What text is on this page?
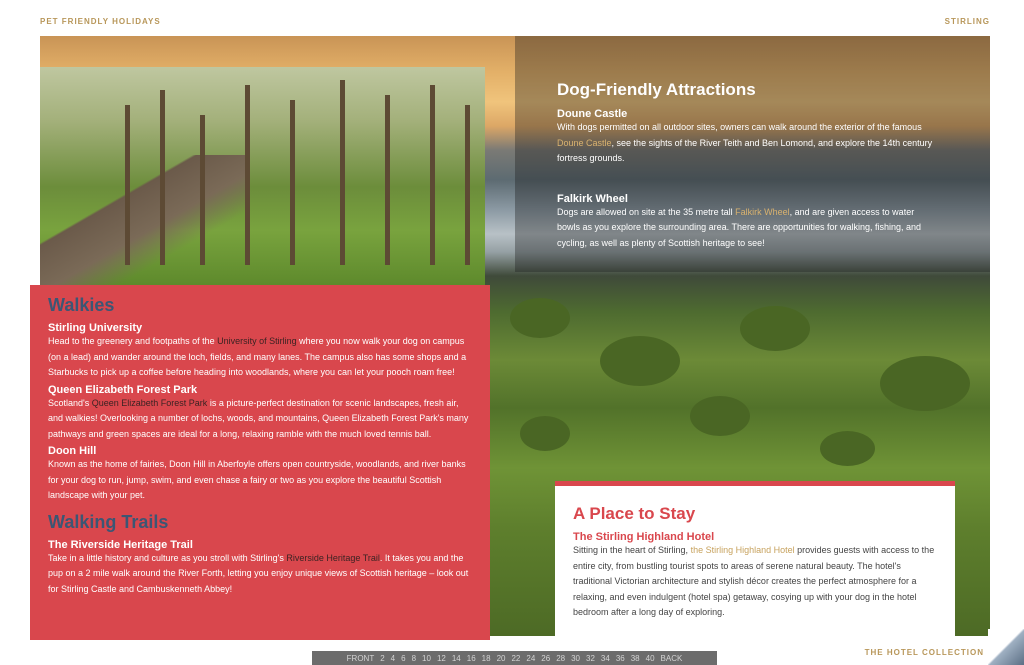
PET FRIENDLY HOLIDAYS	STIRLING
Walkies
Stirling University
Head to the greenery and footpaths of the University of Stirling where you now walk your dog on campus (on a lead) and wander around the loch, fields, and many lanes. The campus also has some shops and a Starbucks to pick up a coffee before heading into woodlands, where you can let your pooch roam free!
Queen Elizabeth Forest Park
Scotland's Queen Elizabeth Forest Park is a picture-perfect destination for scenic landscapes, fresh air, and walkies! Overlooking a number of lochs, woods, and mountains, Queen Elizabeth Forest Park's many pathways and green spaces are ideal for a long, relaxing ramble with the much loved tennis ball.
Doon Hill
Known as the home of fairies, Doon Hill in Aberfoyle offers open countryside, woodlands, and river banks for your dog to run, jump, swim, and even chase a fairy or two as you explore the beautiful Scottish landscape with your pet.
Walking Trails
The Riverside Heritage Trail
Take in a little history and culture as you stroll with Stirling's Riverside Heritage Trail. It takes you and the pup on a 2 mile walk around the River Forth, letting you enjoy unique views of Scottish heritage – look out for Stirling Castle and Cambuskenneth Abbey!
Dog-Friendly Attractions
Doune Castle
With dogs permitted on all outdoor sites, owners can walk around the exterior of the famous Doune Castle, see the sights of the River Teith and Ben Lomond, and explore the 14th century fortress grounds.
Falkirk Wheel
Dogs are allowed on site at the 35 metre tall Falkirk Wheel, and are given access to water bowls as you explore the surrounding area. There are opportunities for walking, fishing, and cycling, as well as plenty of Scottish heritage to see!
A Place to Stay
The Stirling Highland Hotel
Sitting in the heart of Stirling, the Stirling Highland Hotel provides guests with access to the entire city, from bustling tourist spots to areas of serene natural beauty. The hotel's traditional Victorian architecture and stylish décor creates the perfect atmosphere for a relaxing, and even indulgent (hotel spa) getaway, cosying up with your dog in the hotel bedroom after a long day of exploring.
THE HOTEL COLLECTION
FRONT 2 4 6 8 10 12 14 16 18 20 22 24 26 28 30 32 34 36 38 40 BACK
